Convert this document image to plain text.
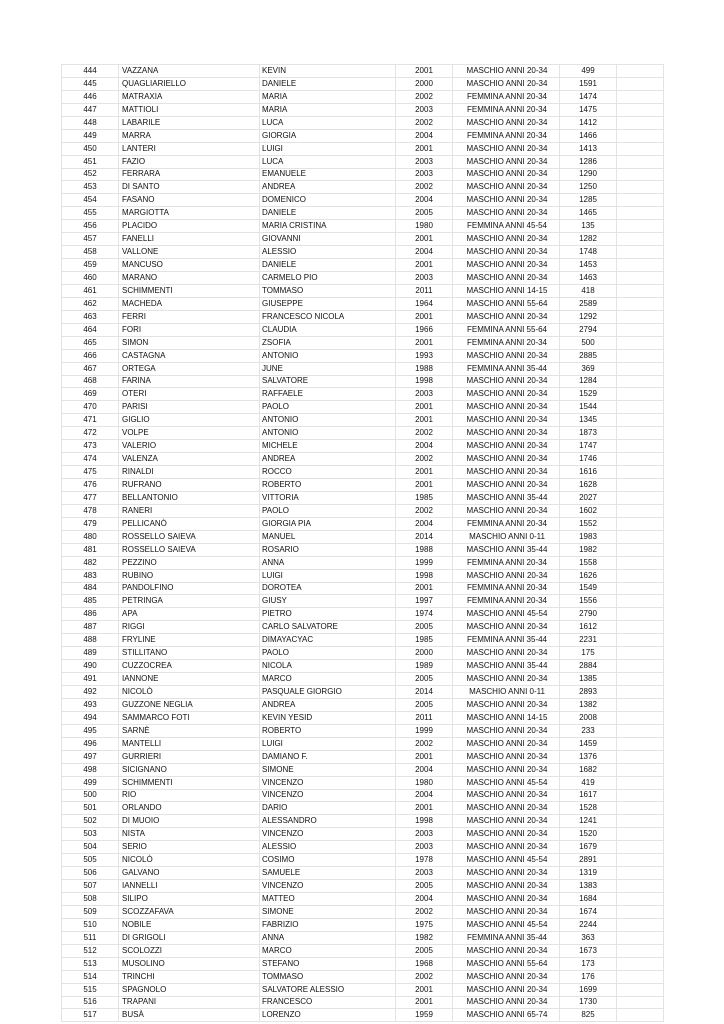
444	VAZZANA	KEVIN	2001	MASCHIO ANNI 20-34	499	
445	QUAGLIARIELLO	DANIELE	2000	MASCHIO ANNI 20-34	1591	
446	MATRAXIA	MARIA	2002	FEMMINA ANNI 20-34	1474	
447	MATTIOLI	MARIA	2003	FEMMINA ANNI 20-34	1475	
448	LABARILE	LUCA	2002	MASCHIO ANNI 20-34	1412	
449	MARRA	GIORGIA	2004	FEMMINA ANNI 20-34	1466	
450	LANTERI	LUIGI	2001	MASCHIO ANNI 20-34	1413	
451	FAZIO	LUCA	2003	MASCHIO ANNI 20-34	1286	
452	FERRARA	EMANUELE	2003	MASCHIO ANNI 20-34	1290	
453	DI SANTO	ANDREA	2002	MASCHIO ANNI 20-34	1250	
454	FASANO	DOMENICO	2004	MASCHIO ANNI 20-34	1285	
455	MARGIOTTA	DANIELE	2005	MASCHIO ANNI 20-34	1465	
456	PLACIDO	MARIA CRISTINA	1980	FEMMINA ANNI 45-54	135	
457	FANELLI	GIOVANNI	2001	MASCHIO ANNI 20-34	1282	
458	VALLONE	ALESSIO	2004	MASCHIO ANNI 20-34	1748	
459	MANCUSO	DANIELE	2001	MASCHIO ANNI 20-34	1453	
460	MARANO	CARMELO PIO	2003	MASCHIO ANNI 20-34	1463	
461	SCHIMMENTI	TOMMASO	2011	MASCHIO ANNI 14-15	418	
462	MACHEDA	GIUSEPPE	1964	MASCHIO ANNI 55-64	2589	
463	FERRI	FRANCESCO NICOLA	2001	MASCHIO ANNI 20-34	1292	
464	FORI	CLAUDIA	1966	FEMMINA ANNI 55-64	2794	
465	SIMON	ZSOFIA	2001	FEMMINA ANNI 20-34	500	
466	CASTAGNA	ANTONIO	1993	MASCHIO ANNI 20-34	2885	
467	ORTEGA	JUNE	1988	FEMMINA ANNI 35-44	369	
468	FARINA	SALVATORE	1998	MASCHIO ANNI 20-34	1284	
469	OTERI	RAFFAELE	2003	MASCHIO ANNI 20-34	1529	
470	PARISI	PAOLO	2001	MASCHIO ANNI 20-34	1544	
471	GIGLIO	ANTONIO	2001	MASCHIO ANNI 20-34	1345	
472	VOLPE	ANTONIO	2002	MASCHIO ANNI 20-34	1873	
473	VALERIO	MICHELE	2004	MASCHIO ANNI 20-34	1747	
474	VALENZA	ANDREA	2002	MASCHIO ANNI 20-34	1746	
475	RINALDI	ROCCO	2001	MASCHIO ANNI 20-34	1616	
476	RUFRANO	ROBERTO	2001	MASCHIO ANNI 20-34	1628	
477	BELLANTONIO	VITTORIA	1985	MASCHIO ANNI 35-44	2027	
478	RANERI	PAOLO	2002	MASCHIO ANNI 20-34	1602	
479	PELLICANÒ	GIORGIA PIA	2004	FEMMINA ANNI 20-34	1552	
480	ROSSELLO SAIEVA	MANUEL	2014	MASCHIO ANNI 0-11	1983	
481	ROSSELLO SAIEVA	ROSARIO	1988	MASCHIO ANNI 35-44	1982	
482	PEZZINO	ANNA	1999	FEMMINA ANNI 20-34	1558	
483	RUBINO	LUIGI	1998	MASCHIO ANNI 20-34	1626	
484	PANDOLFINO	DOROTEA	2001	FEMMINA ANNI 20-34	1549	
485	PETRINGA	GIUSY	1997	FEMMINA ANNI 20-34	1556	
486	APA	PIETRO	1974	MASCHIO ANNI 45-54	2790	
487	RIGGI	CARLO SALVATORE	2005	MASCHIO ANNI 20-34	1612	
488	FRYLINE	DIMAYACYAC	1985	FEMMINA ANNI 35-44	2231	
489	STILLITANO	PAOLO	2000	MASCHIO ANNI 20-34	175	
490	CUZZOCREA	NICOLA	1989	MASCHIO ANNI 35-44	2884	
491	IANNONE	MARCO	2005	MASCHIO ANNI 20-34	1385	
492	NICOLÒ	PASQUALE GIORGIO	2014	MASCHIO ANNI 0-11	2893	
493	GUZZONE NEGLIA	ANDREA	2005	MASCHIO ANNI 20-34	1382	
494	SAMMARCO FOTI	KEVIN YESID	2011	MASCHIO ANNI 14-15	2008	
495	SARNÈ	ROBERTO	1999	MASCHIO ANNI 20-34	233	
496	MANTELLI	LUIGI	2002	MASCHIO ANNI 20-34	1459	
497	GURRIERI	DAMIANO F.	2001	MASCHIO ANNI 20-34	1376	
498	SICIGNANO	SIMONE	2004	MASCHIO ANNI 20-34	1682	
499	SCHIMMENTI	VINCENZO	1980	MASCHIO ANNI 45-54	419	
500	RIO	VINCENZO	2004	MASCHIO ANNI 20-34	1617	
501	ORLANDO	DARIO	2001	MASCHIO ANNI 20-34	1528	
502	DI MUOIO	ALESSANDRO	1998	MASCHIO ANNI 20-34	1241	
503	NISTA	VINCENZO	2003	MASCHIO ANNI 20-34	1520	
504	SERIO	ALESSIO	2003	MASCHIO ANNI 20-34	1679	
505	NICOLÒ	COSIMO	1978	MASCHIO ANNI 45-54	2891	
506	GALVANO	SAMUELE	2003	MASCHIO ANNI 20-34	1319	
507	IANNELLI	VINCENZO	2005	MASCHIO ANNI 20-34	1383	
508	SILIPO	MATTEO	2004	MASCHIO ANNI 20-34	1684	
509	SCOZZAFAVA	SIMONE	2002	MASCHIO ANNI 20-34	1674	
510	NOBILE	FABRIZIO	1975	MASCHIO ANNI 45-54	2244	
511	DI GRIGOLI	ANNA	1982	FEMMINA ANNI 35-44	363	
512	SCOLOZZI	MARCO	2005	MASCHIO ANNI 20-34	1673	
513	MUSOLINO	STEFANO	1968	MASCHIO ANNI 55-64	173	
514	TRINCHI	TOMMASO	2002	MASCHIO ANNI 20-34	176	
515	SPAGNOLO	SALVATORE ALESSIO	2001	MASCHIO ANNI 20-34	1699	
516	TRAPANI	FRANCESCO	2001	MASCHIO ANNI 20-34	1730	
517	BUSÀ	LORENZO	1959	MASCHIO ANNI 65-74	825	
